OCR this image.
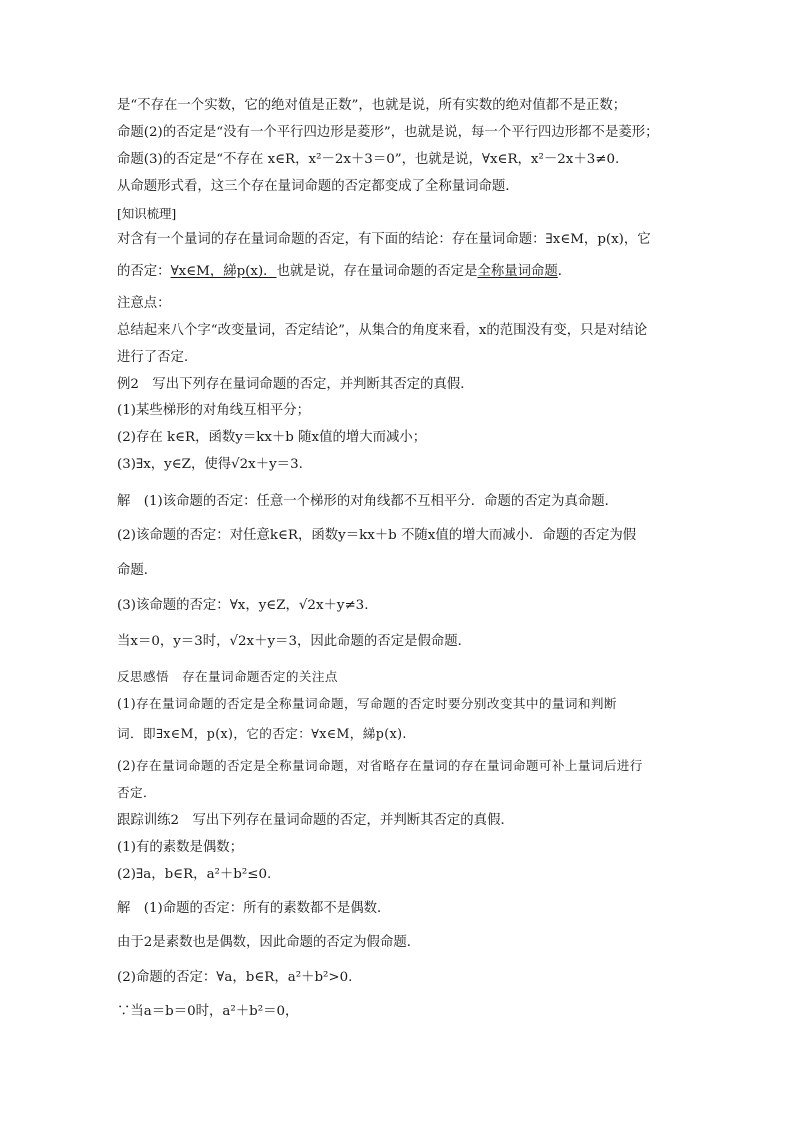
是“不存在一个实数，它的绝对值是正数”，也就是说，所有实数的绝对值都不是正数；
命题(2)的否定是“没有一个平行四边形是菱形”，也就是说，每一个平行四边形都不是菱形；
命题(3)的否定是“不存在 x∈R，x²－2x＋3＝0”，也就是说，∀x∈R，x²－2x＋3≠0.
从命题形式看，这三个存在量词命题的否定都变成了全称量词命题．
[知识梳理]
对含有一个量词的存在量词命题的否定，有下面的结论：存在量词命题：∃x∈M，p(x)，它
的否定：∀x∈M，綈p(x)．也就是说，存在量词命题的否定是全称量词命题．
注意点：
总结起来八个字“改变量词，否定结论”，从集合的角度来看，x的范围没有变，只是对结论
进行了否定．
例2　写出下列存在量词命题的否定，并判断其否定的真假．
(1)某些梯形的对角线互相平分；
(2)存在 k∈R，函数y＝kx＋b 随x值的增大而减小；
(3)∃x，y∈Z，使得√2x＋y＝3.
解　(1)该命题的否定：任意一个梯形的对角线都不互相平分．命题的否定为真命题．
(2)该命题的否定：对任意k∈R，函数y＝kx＋b 不随x值的增大而减小．命题的否定为假
命题．
(3)该命题的否定：∀x，y∈Z，√2x＋y≠3.
当x＝0，y＝3时，√2x＋y＝3，因此命题的否定是假命题．
反思感悟　存在量词命题否定的关注点
(1)存在量词命题的否定是全称量词命题，写命题的否定时要分别改变其中的量词和判断
词．即∃x∈M，p(x)，它的否定：∀x∈M，綈p(x).
(2)存在量词命题的否定是全称量词命题，对省略存在量词的存在量词命题可补上量词后进行
否定．
跟踪训练2　写出下列存在量词命题的否定，并判断其否定的真假．
(1)有的素数是偶数；
(2)∃a，b∈R，a²＋b²≤0.
解　(1)命题的否定：所有的素数都不是偶数．
由于2是素数也是偶数，因此命题的否定为假命题．
(2)命题的否定：∀a，b∈R，a²＋b²>0.
∵当a＝b＝0时，a²＋b²＝0，
